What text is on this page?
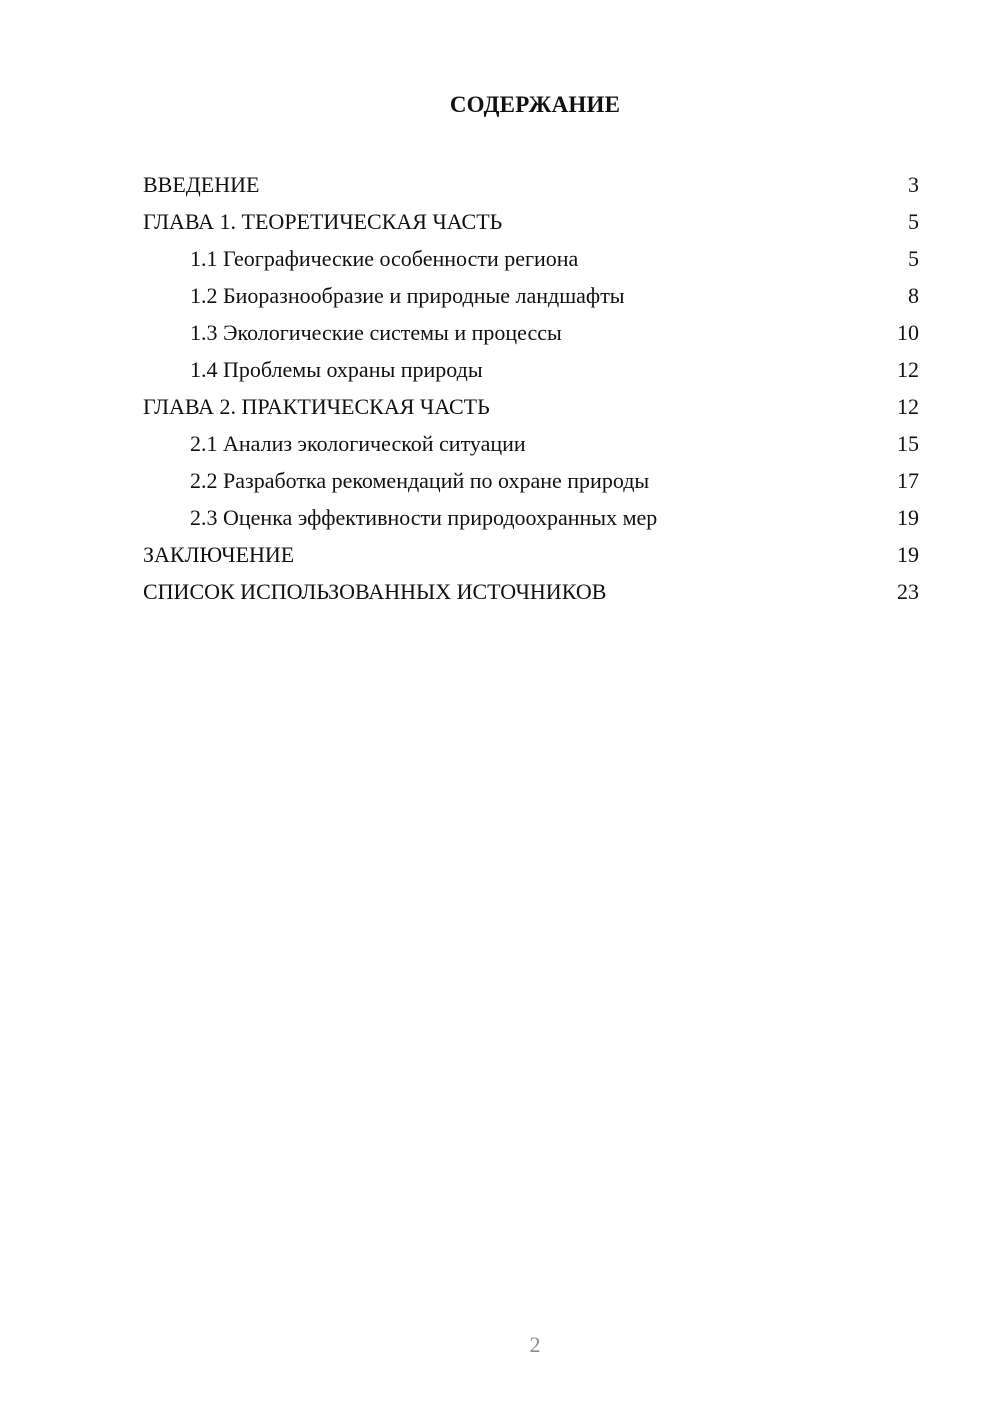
СОДЕРЖАНИЕ
ВВЕДЕНИЕ	3
ГЛАВА 1. ТЕОРЕТИЧЕСКАЯ ЧАСТЬ	5
1.1 Географические особенности региона	5
1.2 Биоразнообразие и природные ландшафты	8
1.3 Экологические системы и процессы	10
1.4 Проблемы охраны природы	12
ГЛАВА 2. ПРАКТИЧЕСКАЯ ЧАСТЬ	12
2.1 Анализ экологической ситуации	15
2.2 Разработка рекомендаций по охране природы	17
2.3 Оценка эффективности природоохранных мер	19
ЗАКЛЮЧЕНИЕ	19
СПИСОК ИСПОЛЬЗОВАННЫХ ИСТОЧНИКОВ	23
2
